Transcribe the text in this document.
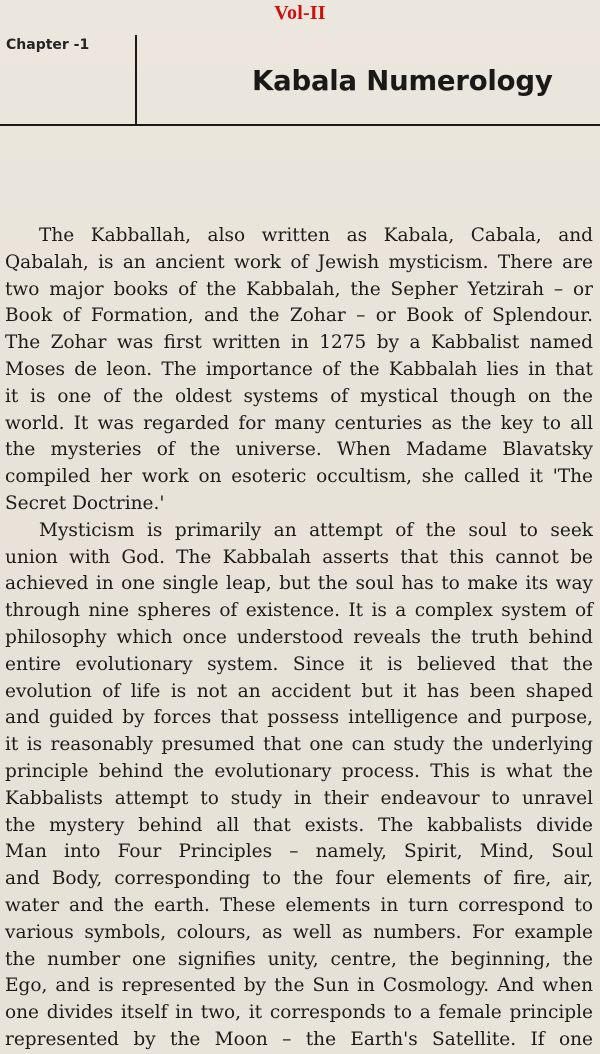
Vol-II
Chapter -1
Kabala Numerology
The Kabballah, also written as Kabala, Cabala, and
Qabalah, is an ancient work of Jewish mysticism. There are
two major books of the Kabbalah, the Sepher Yetzirah – or
Book of Formation, and the Zohar – or Book of Splendour.
The Zohar was first written in 1275 by a Kabbalist named
Moses de leon. The importance of the Kabbalah lies in that
it is one of the oldest systems of mystical though on the
world. It was regarded for many centuries as the key to all
the mysteries of the universe. When Madame Blavatsky
compiled her work on esoteric occultism, she called it 'The
Secret Doctrine.'
Mysticism is primarily an attempt of the soul to seek
union with God. The Kabbalah asserts that this cannot be
achieved in one single leap, but the soul has to make its way
through nine spheres of existence. It is a complex system of
philosophy which once understood reveals the truth behind
entire evolutionary system. Since it is believed that the
evolution of life is not an accident but it has been shaped
and guided by forces that possess intelligence and purpose,
it is reasonably presumed that one can study the underlying
principle behind the evolutionary process. This is what the
Kabbalists attempt to study in their endeavour to unravel
the mystery behind all that exists. The kabbalists divide
Man into Four Principles – namely, Spirit, Mind, Soul
and Body, corresponding to the four elements of fire, air,
water and the earth. These elements in turn correspond to
various symbols, colours, as well as numbers. For example
the number one signifies unity, centre, the beginning, the
Ego, and is represented by the Sun in Cosmology. And when
one divides itself in two, it corresponds to a female principle
represented by the Moon – the Earth's Satellite. If one
